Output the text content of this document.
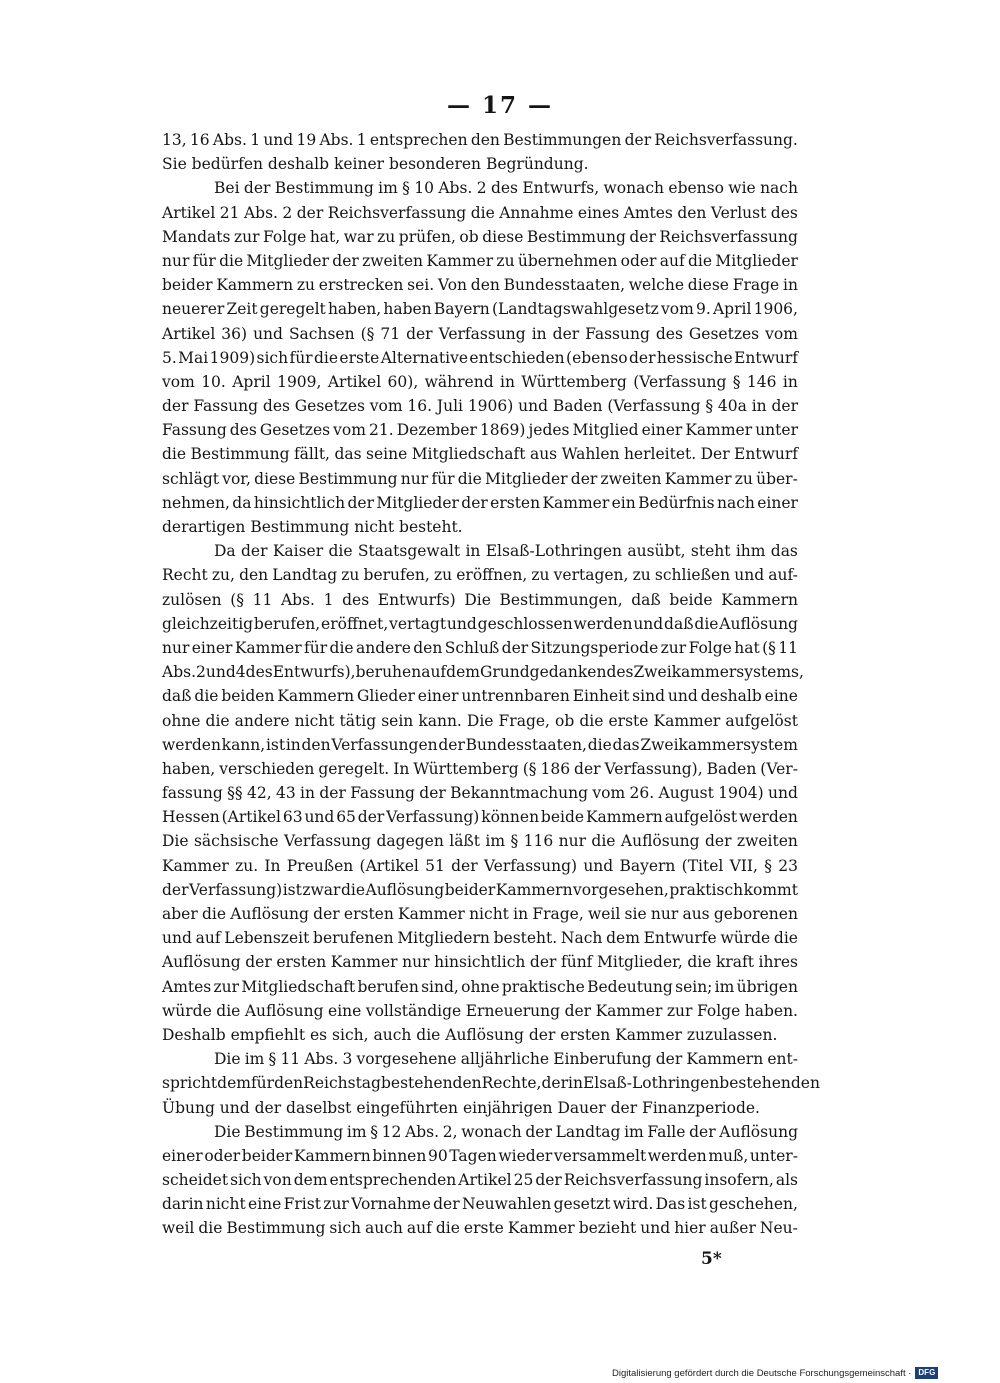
— 17 —
13, 16 Abs. 1 und 19 Abs. 1 entsprechen den Bestimmungen der Reichsverfassung.
Sie bedürfen deshalb keiner besonderen Begründung.
Bei der Bestimmung im § 10 Abs. 2 des Entwurfs, wonach ebenso wie nach
Artikel 21 Abs. 2 der Reichsverfassung die Annahme eines Amtes den Verlust des
Mandats zur Folge hat, war zu prüfen, ob diese Bestimmung der Reichsverfassung
nur für die Mitglieder der zweiten Kammer zu übernehmen oder auf die Mitglieder
beider Kammern zu erstrecken sei. Von den Bundesstaaten, welche diese Frage in
neuerer Zeit geregelt haben, haben Bayern (Landtagswahlgesetz vom 9. April 1906,
Artikel 36) und Sachsen (§ 71 der Verfassung in der Fassung des Gesetzes vom
5. Mai 1909) sich für die erste Alternative entschieden (ebenso der hessische Entwurf
vom 10. April 1909, Artikel 60), während in Württemberg (Verfassung § 146 in
der Fassung des Gesetzes vom 16. Juli 1906) und Baden (Verfassung § 40a in der
Fassung des Gesetzes vom 21. Dezember 1869) jedes Mitglied einer Kammer unter
die Bestimmung fällt, das seine Mitgliedschaft aus Wahlen herleitet. Der Entwurf
schlägt vor, diese Bestimmung nur für die Mitglieder der zweiten Kammer zu über-
nehmen, da hinsichtlich der Mitglieder der ersten Kammer ein Bedürfnis nach einer
derartigen Bestimmung nicht besteht.
Da der Kaiser die Staatsgewalt in Elsaß-Lothringen ausübt, steht ihm das
Recht zu, den Landtag zu berufen, zu eröffnen, zu vertagen, zu schließen und auf-
zulösen (§ 11 Abs. 1 des Entwurfs) Die Bestimmungen, daß beide Kammern
gleichzeitig berufen, eröffnet, vertagt und geschlossen werden und daß die Auflösung
nur einer Kammer für die andere den Schluß der Sitzungsperiode zur Folge hat (§ 11
Abs. 2 und 4 des Entwurfs), beruhen auf dem Grundgedanken des Zweikammersystems,
daß die beiden Kammern Glieder einer untrennbaren Einheit sind und deshalb eine
ohne die andere nicht tätig sein kann. Die Frage, ob die erste Kammer aufgelöst
werden kann, ist in den Verfassungen der Bundesstaaten, die das Zweikammersystem
haben, verschieden geregelt. In Württemberg (§ 186 der Verfassung), Baden (Ver-
fassung §§ 42, 43 in der Fassung der Bekanntmachung vom 26. August 1904) und
Hessen (Artikel 63 und 65 der Verfassung) können beide Kammern aufgelöst werden
Die sächsische Verfassung dagegen läßt im § 116 nur die Auflösung der zweiten
Kammer zu. In Preußen (Artikel 51 der Verfassung) und Bayern (Titel VII, § 23
der Verfassung) ist zwar die Auflösung beider Kammern vorgesehen, praktisch kommt
aber die Auflösung der ersten Kammer nicht in Frage, weil sie nur aus geborenen
und auf Lebenszeit berufenen Mitgliedern besteht. Nach dem Entwurfe würde die
Auflösung der ersten Kammer nur hinsichtlich der fünf Mitglieder, die kraft ihres
Amtes zur Mitgliedschaft berufen sind, ohne praktische Bedeutung sein; im übrigen
würde die Auflösung eine vollständige Erneuerung der Kammer zur Folge haben.
Deshalb empfiehlt es sich, auch die Auflösung der ersten Kammer zuzulassen.
Die im § 11 Abs. 3 vorgesehene alljährliche Einberufung der Kammern ent-
spricht dem für den Reichstag bestehenden Rechte, der in Elsaß-Lothringen bestehenden
Übung und der daselbst eingeführten einjährigen Dauer der Finanzperiode.
Die Bestimmung im § 12 Abs. 2, wonach der Landtag im Falle der Auflösung
einer oder beider Kammern binnen 90 Tagen wieder versammelt werden muß, unter-
scheidet sich von dem entsprechenden Artikel 25 der Reichsverfassung insofern, als
darin nicht eine Frist zur Vornahme der Neuwahlen gesetzt wird. Das ist geschehen,
weil die Bestimmung sich auch auf die erste Kammer bezieht und hier außer Neu-
5*
Digitalisierung gefördert durch die Deutsche Forschungsgemeinschaft · DFG
